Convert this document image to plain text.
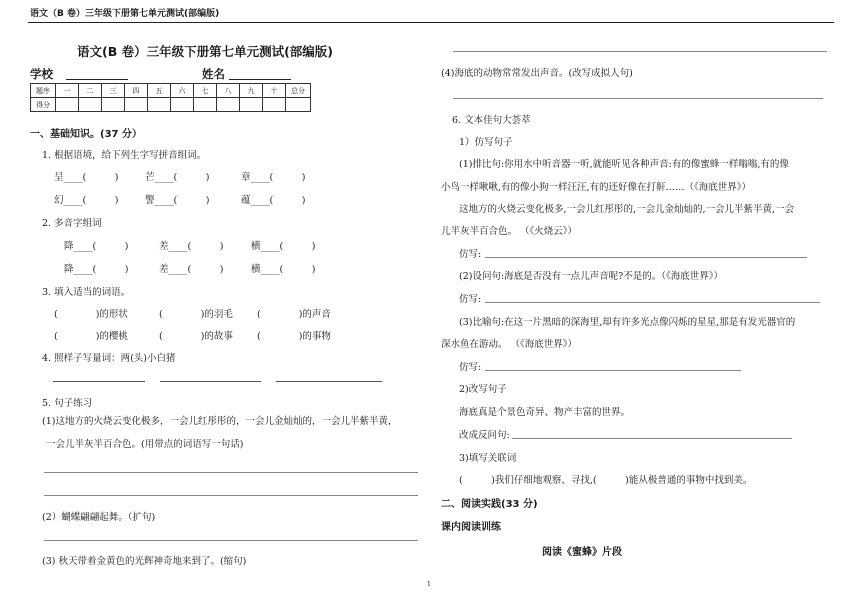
语文（B 卷）三年级下册第七单元测试(部编版)
语文(B 卷）三年级下册第七单元测试(部编版)
学校	姓名
题序	一	二	三	四	五	六	七	八	九	十	总分
得分											
一、基础知识。(37 分）
1. 根据语境，给下列生字写拼音组词。
呈____(　　　)	芒____(　　　)	章____(　　　)
幻____(　　　)	警____(　　　)	蕴____(　　　)
2. 多音字组词
降____(　　　)	差____(　　　)	横____(　　　)
降____(　　　)	差____(　　　)	横____(　　　)
3. 填入适当的词语。
(　　　　)的形状	(　　　　)的羽毛	(　　　　)的声音
(　　　　)的樱桃	(　　　　)的故事	(　　　　)的事物
4. 照样子写量词：两(头)小白猪
5. 句子练习
(1)这地方的火烧云变化极多，一会儿红彤彤的，一会儿金灿灿的，一会儿半紫半黄，
一会儿半灰半百合色。(用带点的词语写一句话)
(2）蝴蝶翩翩起舞。（扩句)
(3) 秋天带着金黄色的光辉神奇地来到了。(缩句)
(4)海底的动物常常发出声音。(改写成拟人句)
6. 文本佳句大荟萃
1）仿写句子
(1)排比句:你用水中听音器一听,就能听见各种声音:有的像蜜蜂一样嗡嗡,有的像
小鸟一样啾啾,有的像小狗一样汪汪,有的还好像在打鼾……（《海底世界》）
这地方的火烧云变化极多,一会儿红彤彤的,一会儿金灿灿的,一会儿半紫半黄,一会
儿半灰半百合色。 （《火烧云》）
仿写:
(2)设问句:海底是否没有一点儿声音呢?不是的。（《海底世界》）
仿写:
(3)比喻句:在这一片黑暗的深海里,却有许多光点像闪烁的星星,那是有发光器官的
深水鱼在游动。 （《海底世界》）
仿写:
2)改写句子
海底真是个景色奇异、物产丰富的世界。
改成反问句:
3)填写关联词
(　　　)我们仔细地观察、寻找,(　　　)能从极普通的事物中找到美。
二、阅读实践(33 分)
课内阅读训练
阅读《蜜蜂》片段
1
